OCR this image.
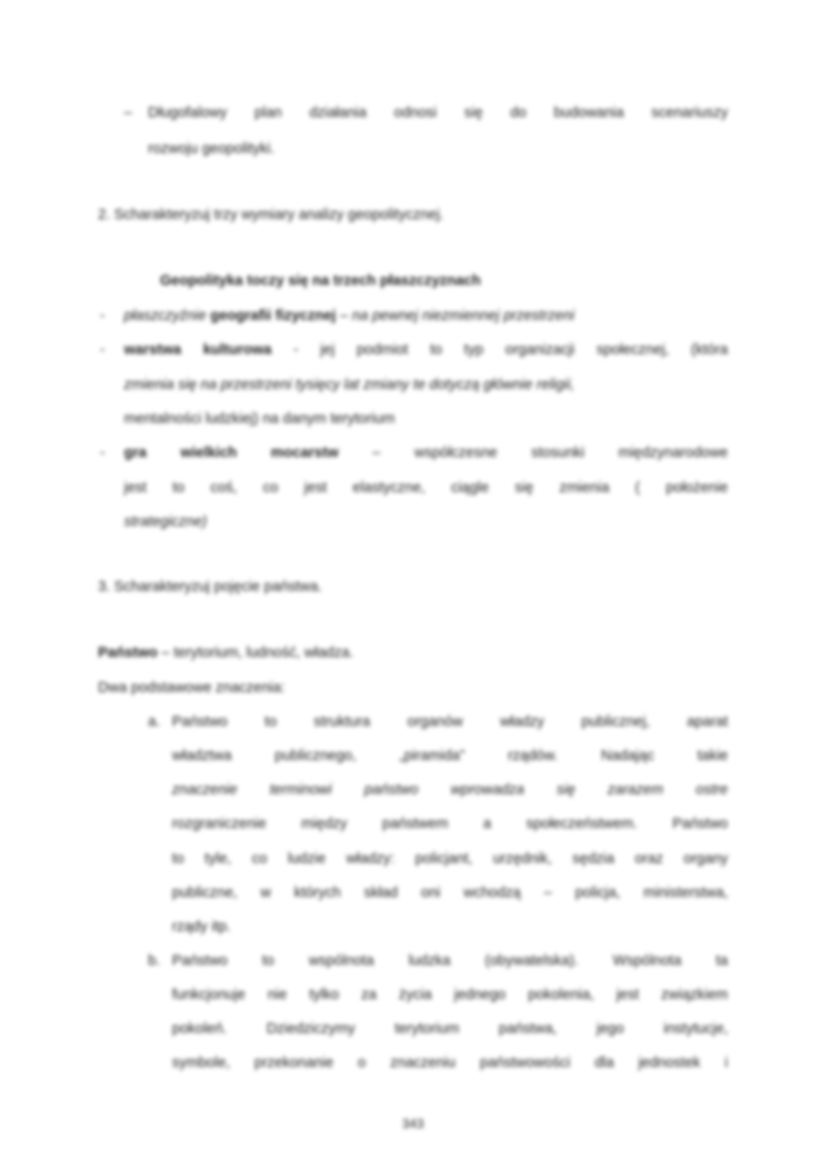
– Długofalowy plan działania odnosi się do budowania scenariuszy
rozwoju geopolityki.
2. Scharakteryzuj trzy wymiary analizy geopolitycznej.
Geopolityka toczy się na trzech płaszczyznach
- płaszczyźnie geografii fizycznej – na pewnej niezmiennej przestrzeni
- warstwa kulturowa - jej podmiot to typ organizacji społecznej, (która
zmienia się na przestrzeni tysięcy lat zmiany te dotyczą głównie religii,
mentalności ludzkiej) na danym terytorium
- gra wielkich mocarstw – współczesne stosunki międzynarodowe
jest to coś, co jest elastyczne, ciągle się zmienia ( położenie
strategiczne)
3. Scharakteryzuj pojęcie państwa.
Państwo – terytorium, ludność, władza.
Dwa podstawowe znaczenia:
a. Państwo to struktura organów władzy publicznej, aparat
władztwa publicznego, „piramida” rządów. Nadając takie
znaczenie terminowi państwo wprowadza się zarazem ostre
rozgraniczenie między państwem a społeczeństwem. Państwo
to tyle, co ludzie władzy: policjant, urzędnik, sędzia oraz organy
publiczne, w których skład oni wchodzą – policja, ministerstwa,
rządy itp.
b. Państwo to wspólnota ludzka (obywatelska). Wspólnota ta
funkcjonuje nie tylko za życia jednego pokolenia, jest związkiem
pokoleń. Dziedziczymy terytorium państwa, jego instytucje,
symbole, przekonanie o znaczeniu państwowości dla jednostek i
343
